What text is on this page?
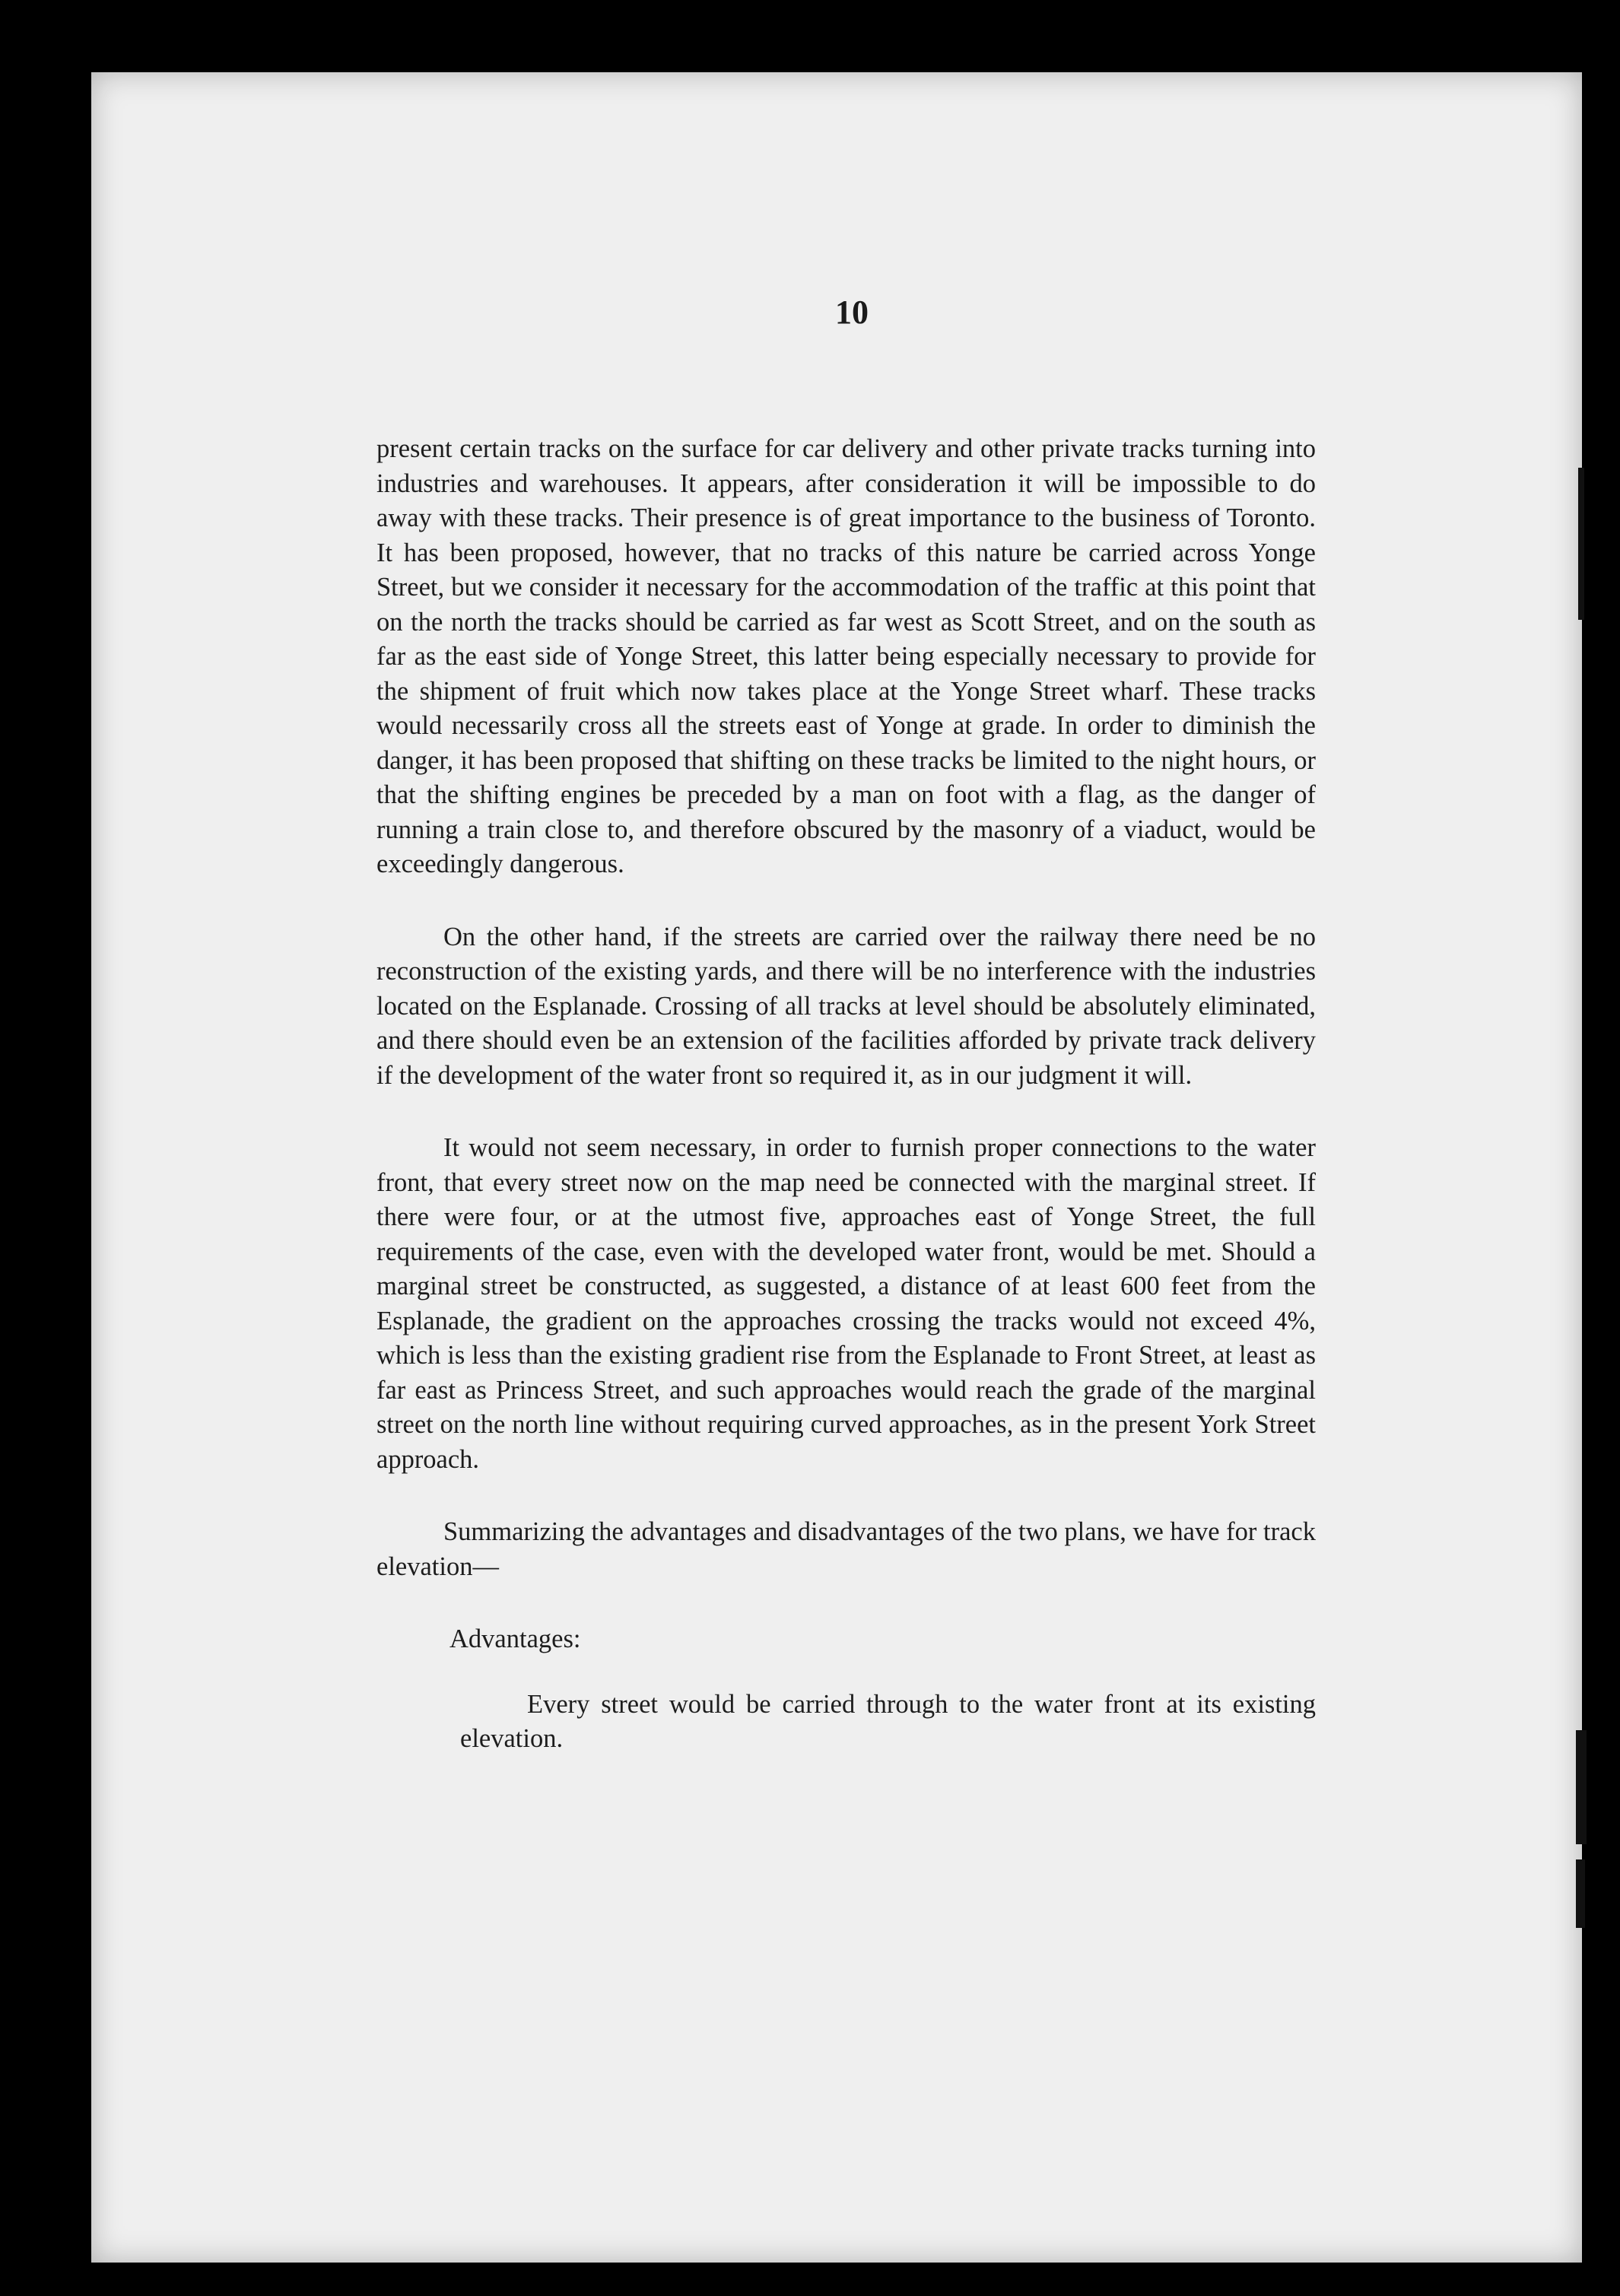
10

present certain tracks on the surface for car delivery and other private tracks turning into industries and warehouses. It appears, after consideration it will be impossible to do away with these tracks. Their presence is of great importance to the business of Toronto. It has been proposed, however, that no tracks of this nature be carried across Yonge Street, but we consider it necessary for the accommodation of the traffic at this point that on the north the tracks should be carried as far west as Scott Street, and on the south as far as the east side of Yonge Street, this latter being especially necessary to provide for the shipment of fruit which now takes place at the Yonge Street wharf. These tracks would necessarily cross all the streets east of Yonge at grade. In order to diminish the danger, it has been proposed that shifting on these tracks be limited to the night hours, or that the shifting engines be preceded by a man on foot with a flag, as the danger of running a train close to, and therefore obscured by the masonry of a viaduct, would be exceedingly dangerous.

On the other hand, if the streets are carried over the railway there need be no reconstruction of the existing yards, and there will be no interference with the industries located on the Esplanade. Crossing of all tracks at level should be absolutely eliminated, and there should even be an extension of the facilities afforded by private track delivery if the development of the water front so required it, as in our judgment it will.

It would not seem necessary, in order to furnish proper connections to the water front, that every street now on the map need be connected with the marginal street. If there were four, or at the utmost five, approaches east of Yonge Street, the full requirements of the case, even with the developed water front, would be met. Should a marginal street be constructed, as suggested, a distance of at least 600 feet from the Esplanade, the gradient on the approaches crossing the tracks would not exceed 4%, which is less than the existing gradient rise from the Esplanade to Front Street, at least as far east as Princess Street, and such approaches would reach the grade of the marginal street on the north line without requiring curved approaches, as in the present York Street approach.

Summarizing the advantages and disadvantages of the two plans, we have for track elevation—

Advantages:

Every street would be carried through to the water front at its existing elevation.
